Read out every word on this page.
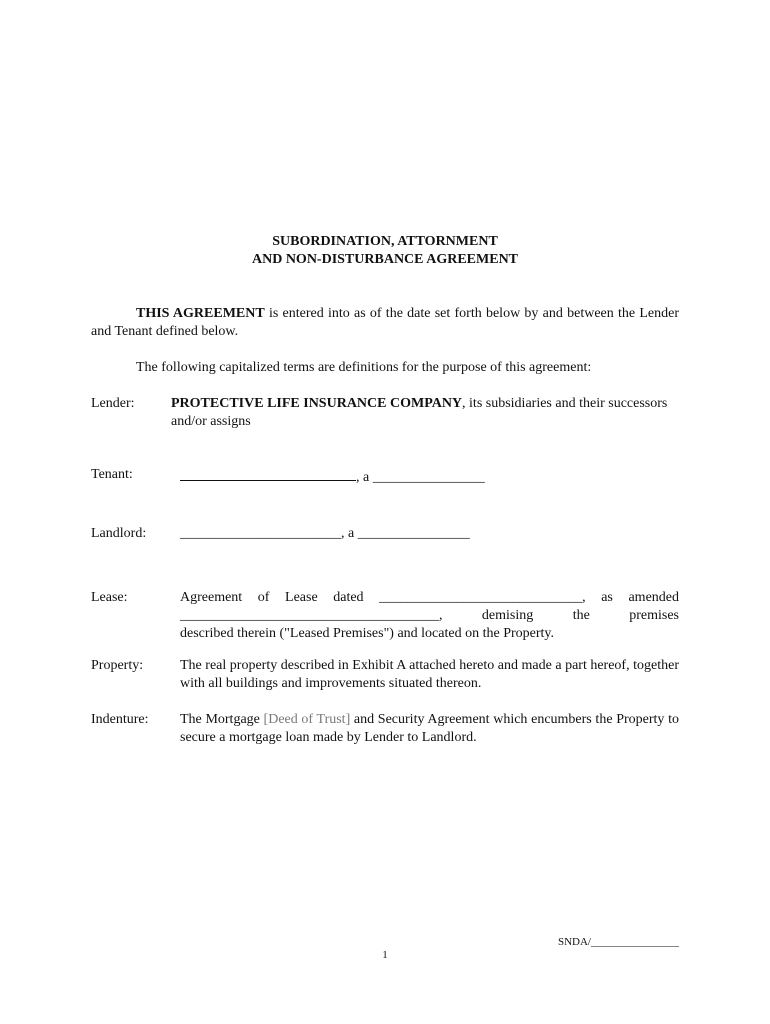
SUBORDINATION, ATTORNMENT
AND NON-DISTURBANCE AGREEMENT
THIS AGREEMENT is entered into as of the date set forth below by and between the Lender and Tenant defined below.
The following capitalized terms are definitions for the purpose of this agreement:
Lender:	PROTECTIVE LIFE INSURANCE COMPANY, its subsidiaries and their successors and/or assigns
Tenant:	, a ________________
Landlord: _______________________, a ________________
Lease:	Agreement of Lease dated _____________________________, as amended
_____________________________________, demising the premises
described therein ("Leased Premises") and located on the Property.
Property:	The real property described in Exhibit A attached hereto and made a part hereof, together with all buildings and improvements situated thereon.
Indenture: The Mortgage [Deed of Trust] and Security Agreement which encumbers the Property to secure a mortgage loan made by Lender to Landlord.
SNDA/________________
1
